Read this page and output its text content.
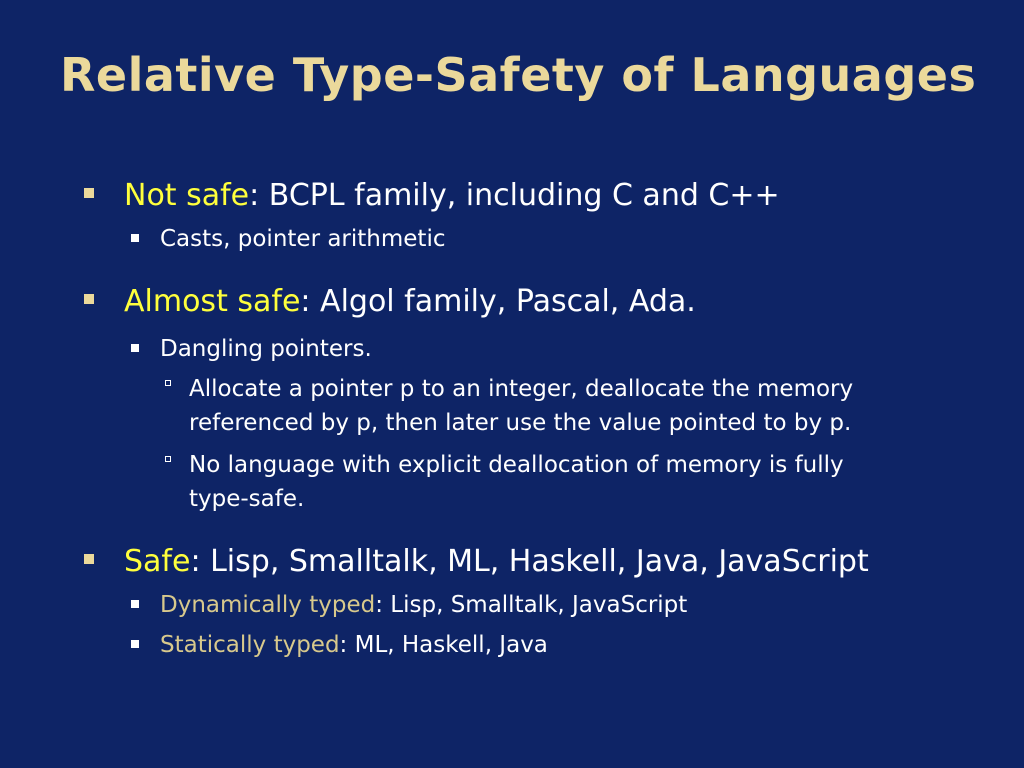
Relative Type-Safety of Languages
Not safe: BCPL family, including C and C++
Casts, pointer arithmetic
Almost safe: Algol family, Pascal, Ada.
Dangling pointers.
Allocate a pointer p to an integer, deallocate the memory
referenced by p, then later use the value pointed to by p.
No language with explicit deallocation of memory is fully
type-safe.
Safe: Lisp, Smalltalk, ML, Haskell, Java, JavaScript
Dynamically typed: Lisp, Smalltalk, JavaScript
Statically typed: ML, Haskell, Java
